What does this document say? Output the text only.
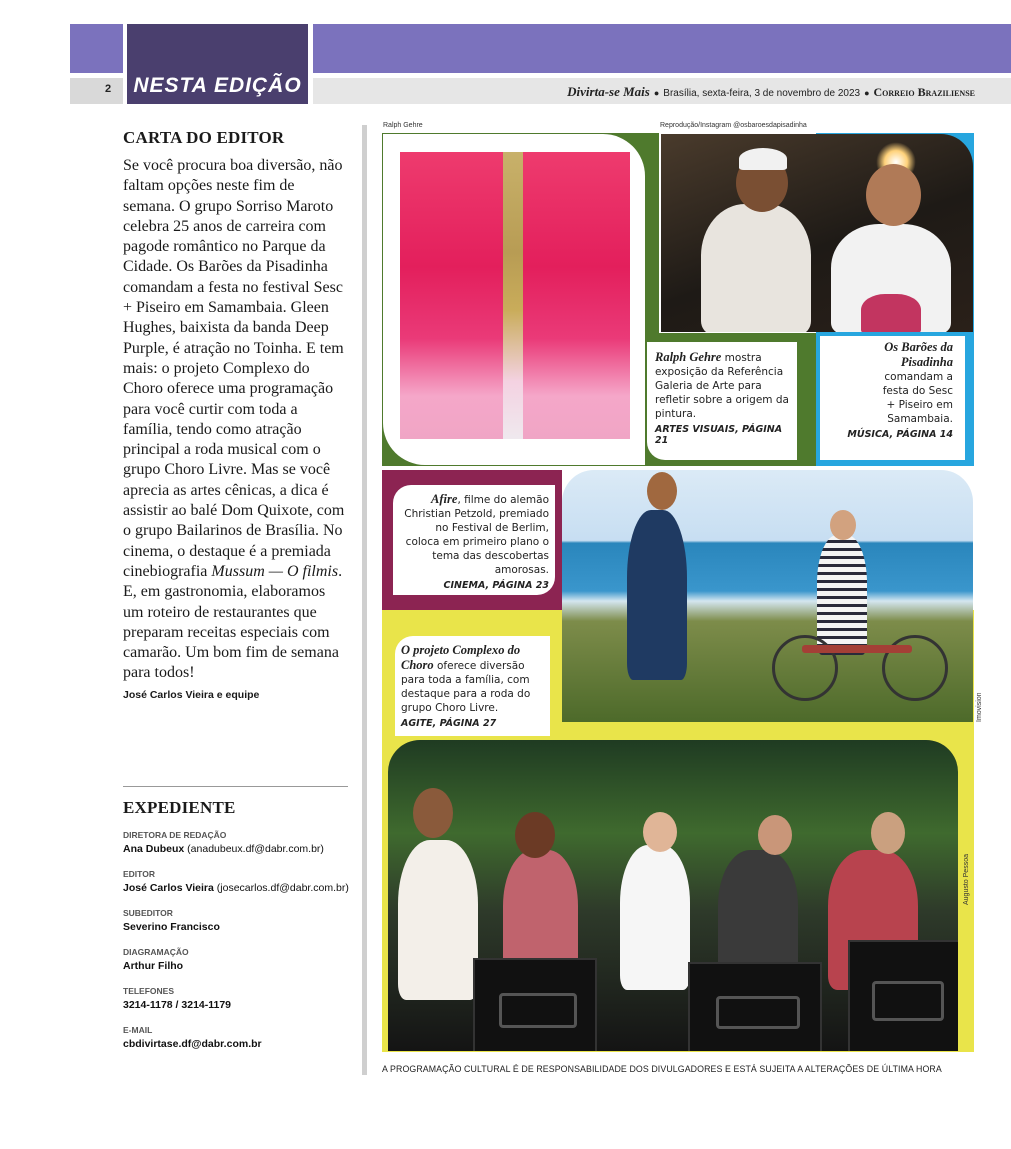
2	NESTA EDIÇÃO	Divirta-se Mais ● Brasília, sexta-feira, 3 de novembro de 2023 ● Correio Braziliense
CARTA DO EDITOR

Se você procura boa diversão, não faltam opções neste fim de semana. O grupo Sorriso Maroto celebra 25 anos de carreira com pagode romântico no Parque da Cidade. Os Barões da Pisadinha comandam a festa no festival Sesc + Piseiro em Samambaia. Gleen Hughes, baixista da banda Deep Purple, é atração no Toinha. E tem mais: o projeto Complexo do Choro oferece uma programação para você curtir com toda a família, tendo como atração principal a roda musical com o grupo Choro Livre. Mas se você aprecia as artes cênicas, a dica é assistir ao balé Dom Quixote, com o grupo Bailarinos de Brasília. No cinema, o destaque é a premiada cinebiografia Mussum — O filmis. E, em gastronomia, elaboramos um roteiro de restaurantes que preparam receitas especiais com camarão. Um bom fim de semana para todos!

José Carlos Vieira e equipe
EXPEDIENTE
DIRETORA DE REDAÇÃO
Ana Dubeux (anadubeux.df@dabr.com.br)
EDITOR
José Carlos Vieira (josecarlos.df@dabr.com.br)
SUBEDITOR
Severino Francisco
DIAGRAMAÇÃO
Arthur Filho
TELEFONES
3214-1178 / 3214-1179
E-MAIL
cbdivirtase.df@dabr.com.br
Ralph Gehre	Reprodução/Instagram @osbaroesdapisadinha
Imovision
Augusto Pessoa
Ralph Gehre mostra exposição da Referência Galeria de Arte para refletir sobre a origem da pintura.
ARTES VISUAIS, PÁGINA 21
Os Barões da Pisadinha
comandam a festa do Sesc + Piseiro em Samambaia.
MÚSICA, PÁGINA 14
Afire, filme do alemão Christian Petzold, premiado no Festival de Berlim, coloca em primeiro plano o tema das descobertas amorosas.
CINEMA, PÁGINA 23
O projeto Complexo do Choro oferece diversão para toda a família, com destaque para a roda do grupo Choro Livre.
AGITE, PÁGINA 27
A PROGRAMAÇÃO CULTURAL É DE RESPONSABILIDADE DOS DIVULGADORES E ESTÁ SUJEITA A ALTERAÇÕES DE ÚLTIMA HORA
